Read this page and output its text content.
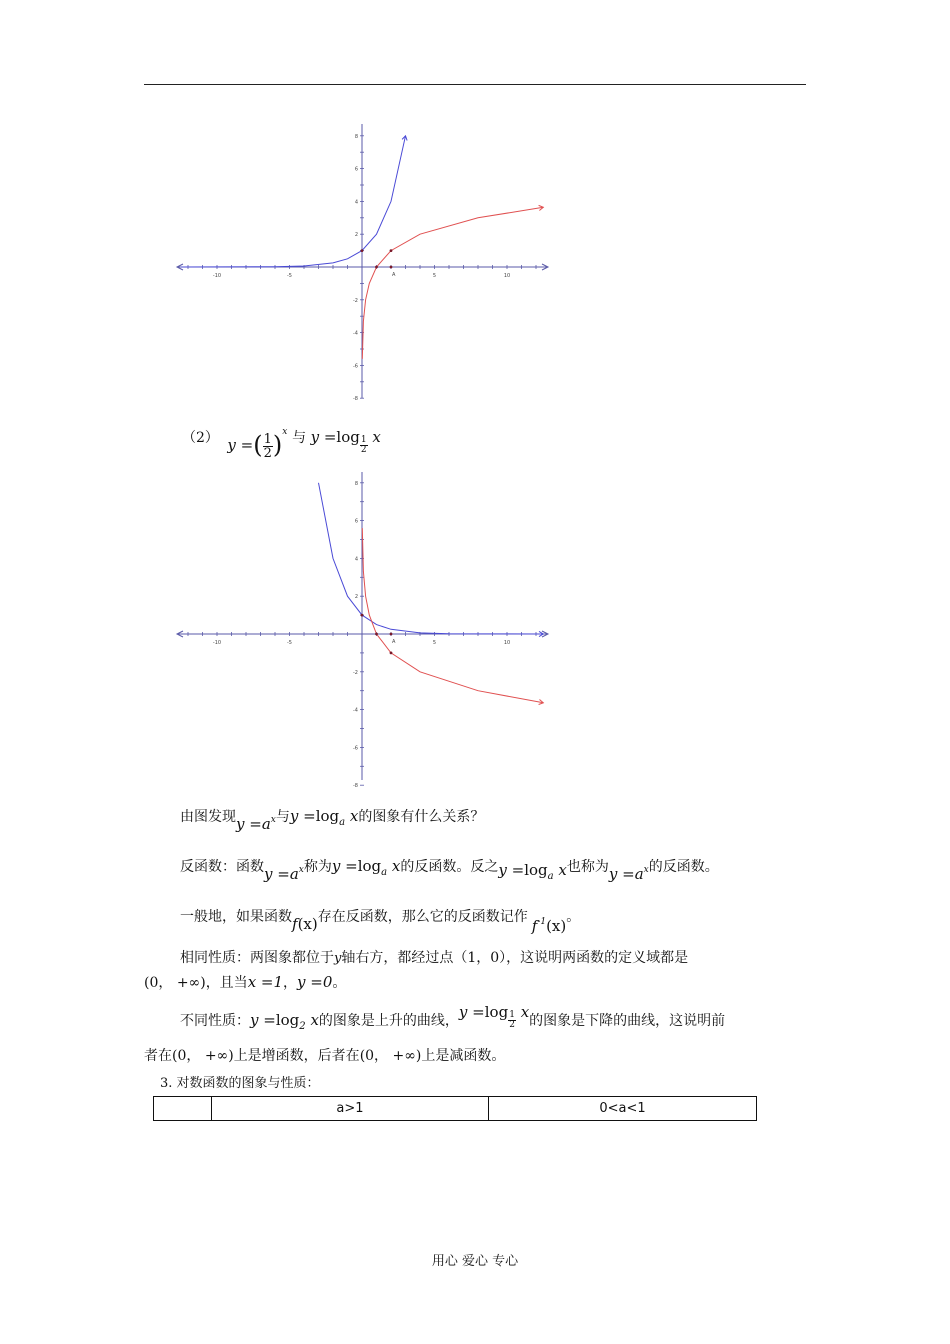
-10	-5	5	10
8
6
4
2
-2
-4
-6
-8
A
（2） y =( $\frac{1}{2} )^x$ 与 $y =\log \frac{1}{2}$ x
-10	-5	5	10
8
6
4
2
-2
-4
-6
-8
A
由图发现$y =a^x$与$y =\log_a$ x的图象有什么关系？
反函数：函数$y =a^x$称为$y =\log_a$ x的反函数。反之$y =\log_a$ x也称为$y =a^x$的反函数。
一般地，如果函数f(x)存在反函数，那么它的反函数记作 $f^{-1}(x)$。
相同性质：两图象都位于y轴右方，都经过点（1，0），这说明两函数的定义域都是
(0， +∞)，且当x =1，y =0。
不同性质：$y =\log_2$ x的图象是上升的曲线，$y =\log \frac{1}{2}$ x的图象是下降的曲线，这说明前
者在(0， +∞)上是增函数，后者在(0， +∞)上是减函数。
3. 对数函数的图象与性质：
	a>1	0<a<1
用心 爱心 专心
